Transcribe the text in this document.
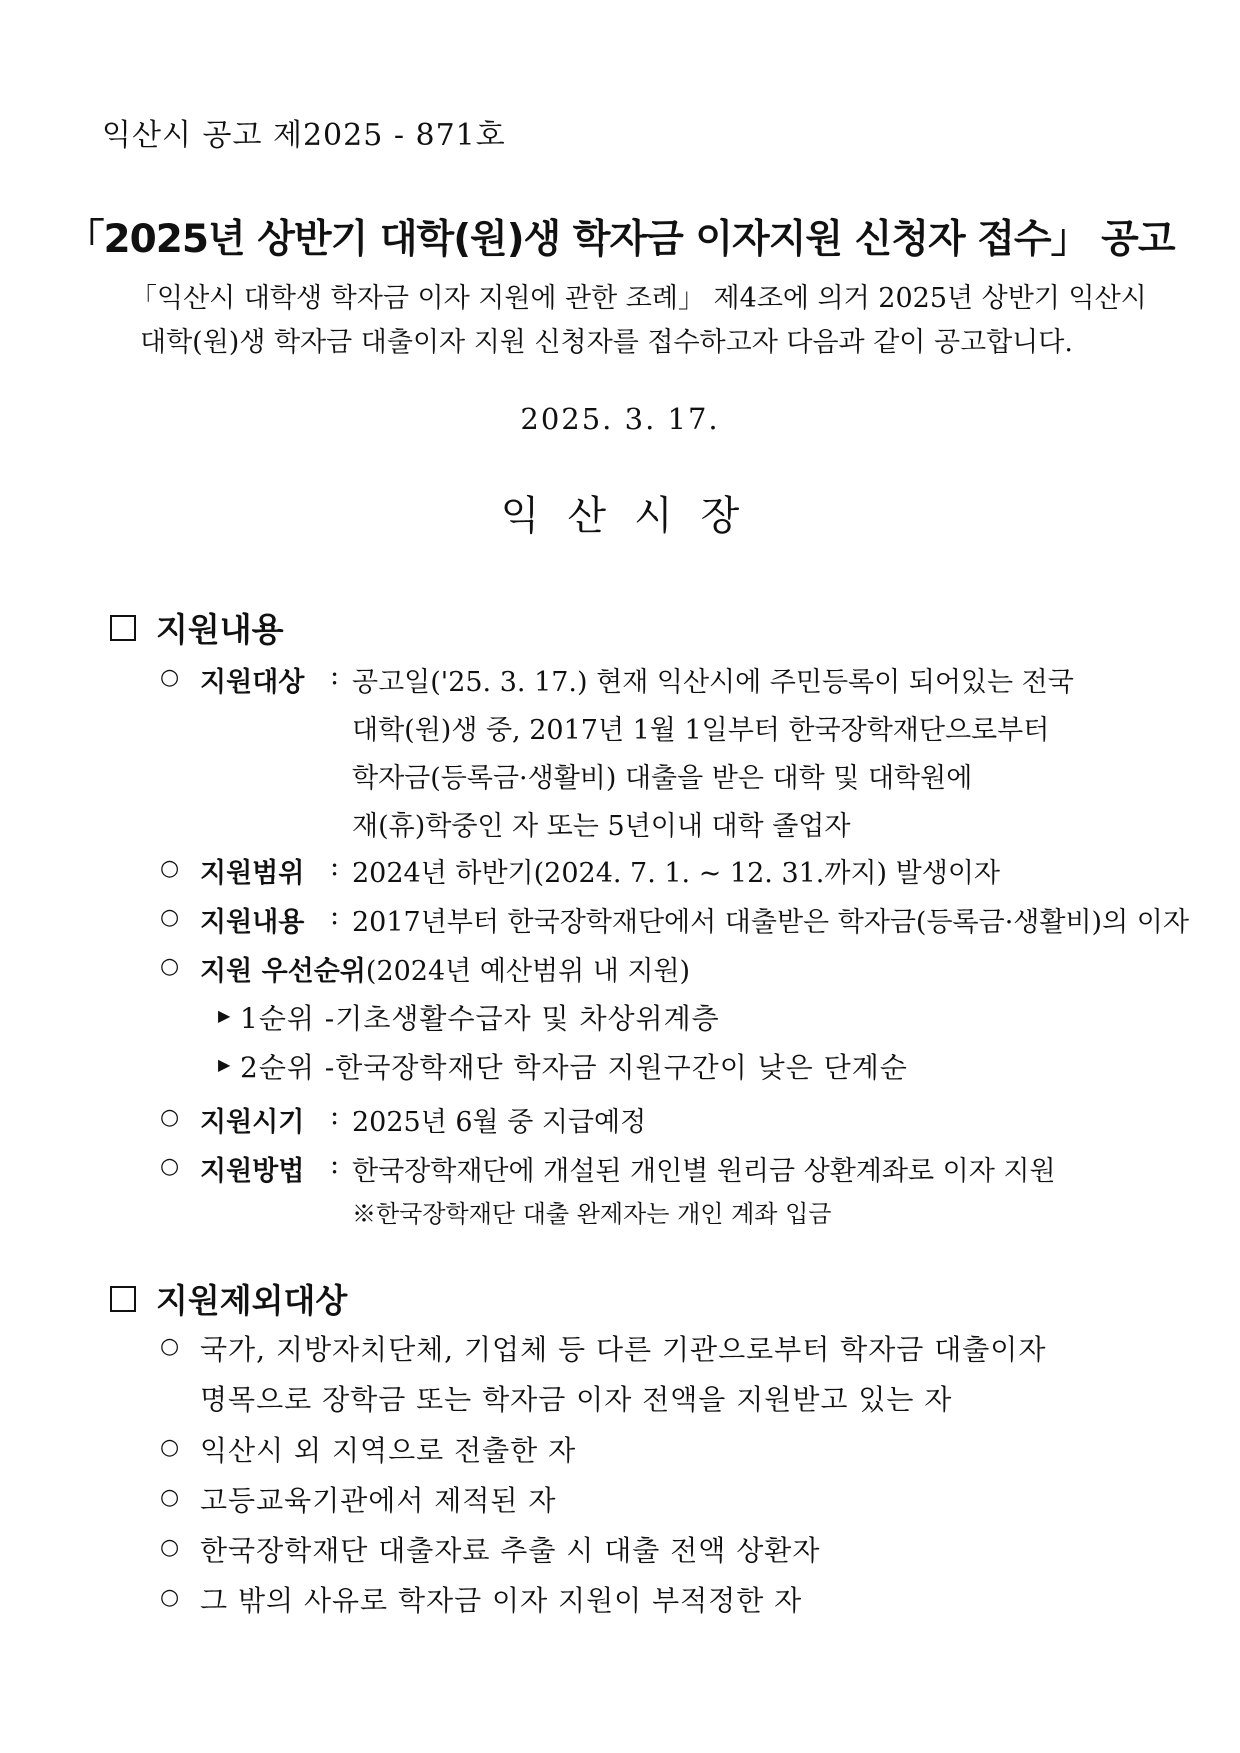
익산시 공고 제2025 - 871호
「2025년 상반기 대학(원)생 학자금 이자지원 신청자 접수」 공고
「익산시 대학생 학자금 이자 지원에 관한 조례」 제4조에 의거 2025년 상반기 익산시
대학(원)생 학자금 대출이자 지원 신청자를 접수하고자 다음과 같이 공고합니다.
2025. 3. 17.
익산시장
지원내용
○ 지원대상 : 공고일('25. 3. 17.) 현재 익산시에 주민등록이 되어있는 전국
대학(원)생 중, 2017년 1월 1일부터 한국장학재단으로부터
학자금(등록금·생활비) 대출을 받은 대학 및 대학원에
재(휴)학중인 자 또는 5년이내 대학 졸업자
○ 지원범위 : 2024년 하반기(2024. 7. 1. ~ 12. 31.까지) 발생이자
○ 지원내용 : 2017년부터 한국장학재단에서 대출받은 학자금(등록금·생활비)의 이자
○ 지원 우선순위(2024년 예산범위 내 지원)
▶ 1순위 -기초생활수급자 및 차상위계층
▶ 2순위 -한국장학재단 학자금 지원구간이 낮은 단계순
○ 지원시기 : 2025년 6월 중 지급예정
○ 지원방법 : 한국장학재단에 개설된 개인별 원리금 상환계좌로 이자 지원
※한국장학재단 대출 완제자는 개인 계좌 입금
지원제외대상
○ 국가, 지방자치단체, 기업체 등 다른 기관으로부터 학자금 대출이자
명목으로 장학금 또는 학자금 이자 전액을 지원받고 있는 자
○ 익산시 외 지역으로 전출한 자
○ 고등교육기관에서 제적된 자
○ 한국장학재단 대출자료 추출 시 대출 전액 상환자
○ 그 밖의 사유로 학자금 이자 지원이 부적정한 자
